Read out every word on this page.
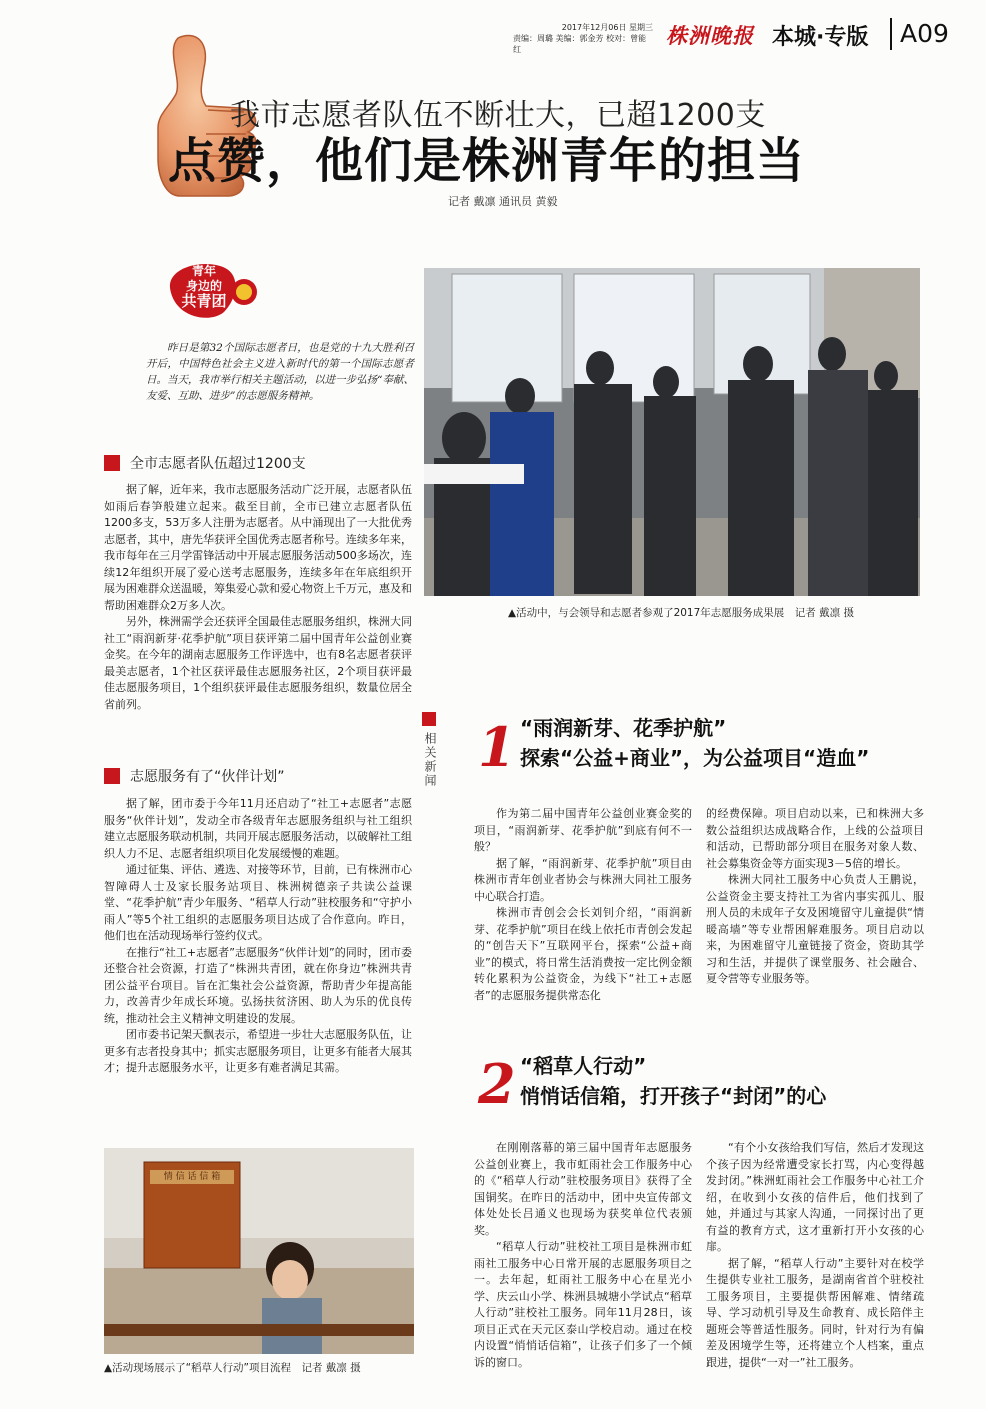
2017年12月06日 星期三
责编：周璐 美编：郭金芳 校对：曾能红
株洲晚报 本城·专版 A09
我市志愿者队伍不断壮大，已超1200支
点赞，他们是株洲青年的担当
记者 戴凛 通讯员 黄毅
青年
身边的
共青团

昨日是第32个国际志愿者日，也是党的十九大胜利召开后，中国特色社会主义进入新时代的第一个国际志愿者日。当天，我市举行相关主题活动，以进一步弘扬“奉献、友爱、互助、进步”的志愿服务精神。

全市志愿者队伍超过1200支

据了解，近年来，我市志愿服务活动广泛开展，志愿者队伍如雨后春笋般建立起来。截至目前，全市已建立志愿者队伍1200多支，53万多人注册为志愿者。从中涌现出了一大批优秀志愿者，其中，唐先华获评全国优秀志愿者称号。连续多年来，我市每年在三月学雷锋活动中开展志愿服务活动500多场次，连续12年组织开展了爱心送考志愿服务，连续多年在年底组织开展为困难群众送温暖，筹集爱心款和爱心物资上千万元，惠及和帮助困难群众2万多人次。

另外，株洲需学会还获评全国最佳志愿服务组织，株洲大同社工“雨润新芽·花季护航”项目获评第二届中国青年公益创业赛金奖。在今年的湖南志愿服务工作评选中，也有8名志愿者获评最美志愿者，1个社区获评最佳志愿服务社区，2个项目获评最佳志愿服务项目，1个组织获评最佳志愿服务组织，数量位居全省前列。

志愿服务有了“伙伴计划”

据了解，团市委于今年11月还启动了“社工+志愿者”志愿服务“伙伴计划”，发动全市各级青年志愿服务组织与社工组织建立志愿服务联动机制，共同开展志愿服务活动，以破解社工组织人力不足、志愿者组织项目化发展缓慢的难题。

通过征集、评估、遴选、对接等环节，目前，已有株洲市心智障碍人士及家长服务站项目、株洲树德亲子共读公益课堂、“花季护航”青少年服务、“稻草人行动”驻校服务和“守护小雨人”等5个社工组织的志愿服务项目达成了合作意向。昨日，他们也在活动现场举行签约仪式。

在推行“社工+志愿者”志愿服务“伙伴计划”的同时，团市委还整合社会资源，打造了“株洲共青团，就在你身边”株洲共青团公益平台项目。旨在汇集社会公益资源，帮助青少年提高能力，改善青少年成长环境。弘扬扶贫济困、助人为乐的优良传统，推动社会主义精神文明建设的发展。

团市委书记架天飘表示，希望进一步壮大志愿服务队伍，让更多有志者投身其中；抓实志愿服务项目，让更多有能者大展其才；提升志愿服务水平，让更多有难者满足其需。

▲活动中，与会领导和志愿者参观了2017年志愿服务成果展　记者 戴凛 摄
相关新闻 1 “雨润新芽、花季护航”
探索“公益+商业”，为公益项目“造血”

作为第二届中国青年公益创业赛金奖的项目，“雨润新芽、花季护航”到底有何不一般？

据了解，“雨润新芽、花季护航”项目由株洲市青年创业者协会与株洲大同社工服务中心联合打造。

株洲市青创会会长刘钊介绍，“雨润新芽、花季护航”项目在线上依托市青创会发起的“创告天下”互联网平台，探索“公益+商业”的模式，将日常生活消费按一定比例金额转化累积为公益资金，为线下“社工+志愿者”的志愿服务提供常态化

的经费保障。项目启动以来，已和株洲大多数公益组织达成战略合作，上线的公益项目和活动，已帮助部分项目在服务对象人数、社会募集资金等方面实现3－5倍的增长。

株洲大同社工服务中心负责人王鹏说，公益资金主要支持社工为省内事实孤儿、服刑人员的未成年子女及困境留守儿童提供“情暖高墙”等专业帮困解难服务。项目启动以来，为困难留守儿童链接了资金，资助其学习和生活，并提供了课堂服务、社会融合、夏令营等专业服务等。

2 “稻草人行动”
悄悄话信箱，打开孩子“封闭”的心

在刚刚落幕的第三届中国青年志愿服务公益创业赛上，我市虹雨社会工作服务中心的《“稻草人行动”驻校服务项目》获得了全国铜奖。在昨日的活动中，团中央宣传部文体处处长吕通义也现场为获奖单位代表颁奖。

“稻草人行动”驻校社工项目是株洲市虹雨社工服务中心日常开展的志愿服务项目之一。去年起，虹雨社工服务中心在星光小学、庆云山小学、株洲县城塘小学试点“稻草人行动”驻校社工服务。同年11月28日，该项目正式在天元区泰山学校启动。通过在校内设置“悄悄话信箱”，让孩子们多了一个倾诉的窗口。

“有个小女孩给我们写信，然后才发现这个孩子因为经常遭受家长打骂，内心变得越发封闭。”株洲虹雨社会工作服务中心社工介绍，在收到小女孩的信件后，他们找到了她，并通过与其家人沟通，一同探讨出了更有益的教育方式，这才重新打开小女孩的心扉。

据了解，“稻草人行动”主要针对在校学生提供专业社工服务，是湖南省首个驻校社工服务项目，主要提供帮困解难、情绪疏导、学习动机引导及生命教育、成长陪伴主题班会等普适性服务。同时，针对行为有偏差及困境学生等，还将建立个人档案，重点跟进，提供“一对一”社工服务。

情 信 话 信 箱
▲活动现场展示了“稻草人行动”项目流程　记者 戴凛 摄
